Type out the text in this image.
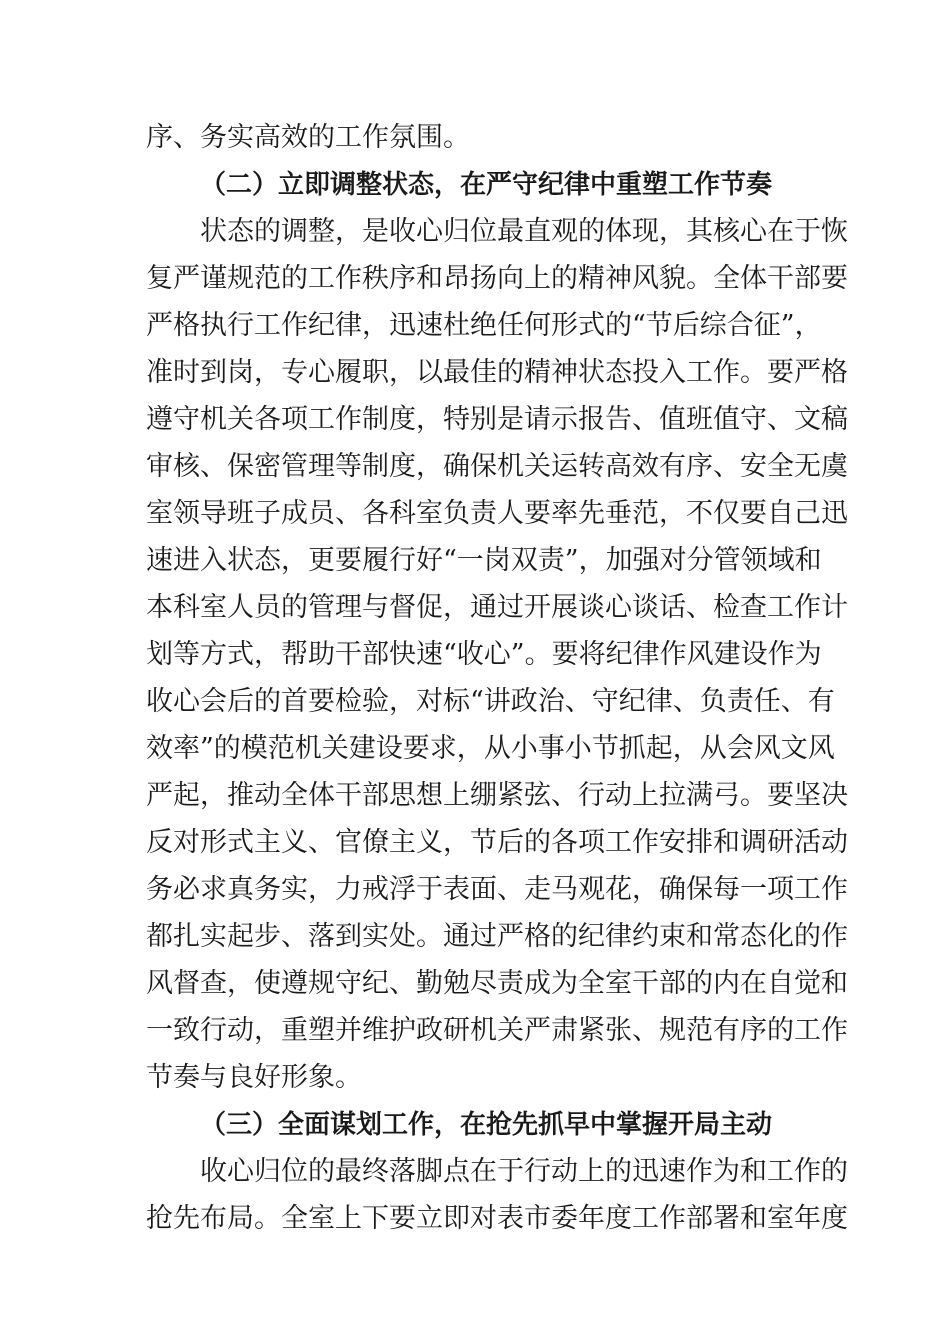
序、务实高效的工作氛围。
（二）立即调整状态，在严守纪律中重塑工作节奏
状态的调整，是收心归位最直观的体现，其核心在于恢
复严谨规范的工作秩序和昂扬向上的精神风貌。全体干部要
严格执行工作纪律，迅速杜绝任何形式的“节后综合征”，
准时到岗，专心履职，以最佳的精神状态投入工作。要严格
遵守机关各项工作制度，特别是请示报告、值班值守、文稿
审核、保密管理等制度，确保机关运转高效有序、安全无虞
室领导班子成员、各科室负责人要率先垂范，不仅要自己迅
速进入状态，更要履行好“一岗双责”，加强对分管领域和
本科室人员的管理与督促，通过开展谈心谈话、检查工作计
划等方式，帮助干部快速“收心”。要将纪律作风建设作为
收心会后的首要检验，对标“讲政治、守纪律、负责任、有
效率”的模范机关建设要求，从小事小节抓起，从会风文风
严起，推动全体干部思想上绷紧弦、行动上拉满弓。要坚决
反对形式主义、官僚主义，节后的各项工作安排和调研活动
务必求真务实，力戒浮于表面、走马观花，确保每一项工作
都扎实起步、落到实处。通过严格的纪律约束和常态化的作
风督查，使遵规守纪、勤勉尽责成为全室干部的内在自觉和
一致行动，重塑并维护政研机关严肃紧张、规范有序的工作
节奏与良好形象。
（三）全面谋划工作，在抢先抓早中掌握开局主动
收心归位的最终落脚点在于行动上的迅速作为和工作的
抢先布局。全室上下要立即对表市委年度工作部署和室年度
